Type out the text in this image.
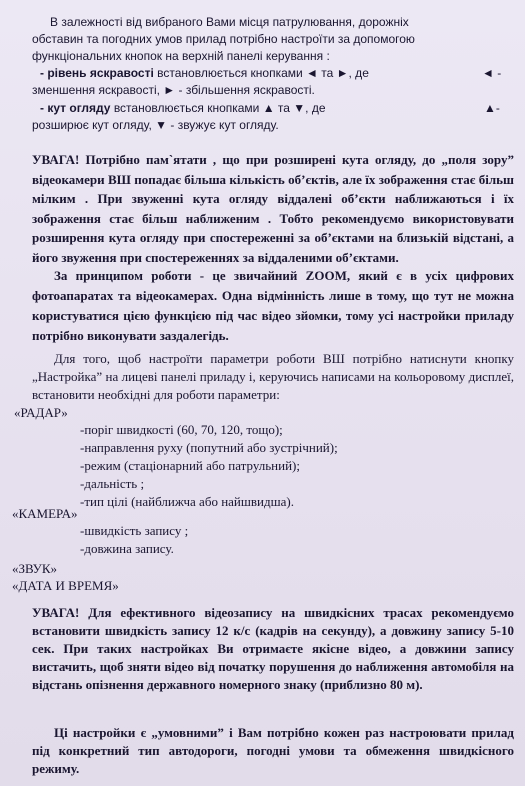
В залежності від вибраного Вами місця патрулювання, дорожніх
обставин та погодних умов прилад потрібно настроїти за допомогою
функціональних кнопок на верхній панелі керування :
- рівень яскравості встановлюється кнопками ◄ та ►, де	◄ -
зменшення яскравості, ► - збільшення яскравості.
- кут огляду встановлюється кнопками ▲ та ▼, де	▲-
розширює кут огляду, ▼ - звужує кут огляду.
УВАГА! Потрібно пам`ятати , що при розширені кута огляду, до „поля зору” відеокамери ВШ попадає більша кількість об’єктів, але їх зображення стає більш мілким . При звуженні кута огляду віддалені об’єкти наближаються і їх зображення стає більш наближеним . Тобто рекомендуємо використовувати розширення кута огляду при спостереженні за об’єктами на близькій відстані, а його звуження при спостереженнях за віддаленими об’єктами.
За принципом роботи - це звичайний ZOOM, який є в усіх цифрових фотоапаратах та відеокамерах. Одна відмінність лише в тому, що тут не можна користуватися цією функцією під час відео зйомки, тому усі настройки приладу потрібно виконувати заздалегідь.
Для того, щоб настроїти параметри роботи ВШ потрібно натиснути кнопку „Настройка” на лицеві панелі приладу і, керуючись написами на кольоровому дисплеї, встановити необхідні для роботи параметри:
«РАДАР»
-поріг швидкості (60, 70, 120, тощо);
-направлення руху (попутний або зустрічний);
-режим (стаціонарний або патрульний);
-дальність ;
-тип цілі (найближча або найшвидша).
«КАМЕРА»
-швидкість запису ;
-довжина запису.
«ЗВУК»
«ДАТА И ВРЕМЯ»
УВАГА! Для ефективного відеозапису на швидкісних трасах рекомендуємо встановити швидкість запису 12 к/с (кадрів на секунду), а довжину запису 5-10 сек. При таких настройках Ви отримаєте якісне відео, а довжини запису вистачить, щоб зняти відео від початку порушення до наближення автомобіля на відстань опізнення державного номерного знаку (приблизно 80 м).
Ці настройки є „умовними” і Вам потрібно кожен раз настроювати прилад під конкретний тип автодороги, погодні умови та обмеження швидкісного режиму.
